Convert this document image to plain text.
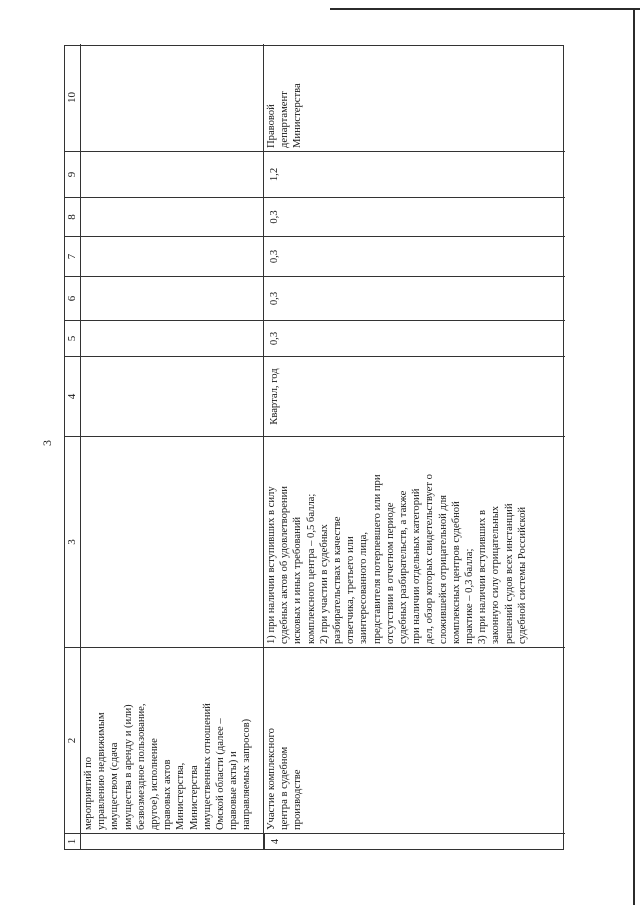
3
1
2
3
4
5
6
7
8
9
10
мероприятий по
управлению недвижимым
имуществом (сдача
имущества в аренду и (или)
безвозмездное пользование,
другое), исполнение
правовых актов
Министерства,
Министерства
имущественных отношений
Омской области (далее –
правовые акты) и
направляемых запросов)
4
Участие комплексного
центра в судебном
производстве
1) при наличии вступивших в силу
судебных актов об удовлетворении
исковых и иных требований
комплексного центра – 0,5 балла;
2) при участии в судебных
разбирательствах в качестве
ответчика, третьего или
заинтересованного лица,
представителя потерпевшего или при
отсутствии в отчетном периоде
судебных разбирательств, а также
при наличии отдельных категорий
дел, обзор которых свидетельствует о
сложившейся отрицательной для
комплексных центров судебной
практике – 0,3 балла;
3) при наличии вступивших в
законную силу отрицательных
решений судов всех инстанций
судебной системы Российской
Квартал, год
0,3
0,3
0,3
0,3
1,2
Правовой
департамент
Министерства
